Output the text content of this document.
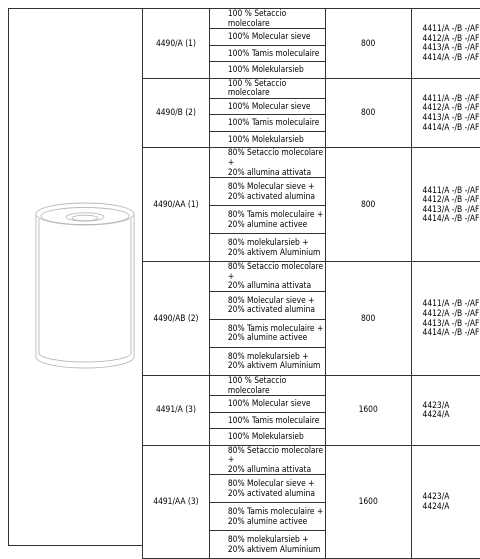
4490/A (1)	100 % Setaccio molecolare	800	4411/A -/B -/AF
4412/A -/B -/AF
4413/A -/B -/AF
4414/A -/B -/AF

	100% Molecular sieve		
	100% Tamis moleculaire		
	100% Molekularsieb		
4490/B (2)	100 % Setaccio molecolare	800	4411/A -/B -/AF
4412/A -/B -/AF
4413/A -/B -/AF
4414/A -/B -/AF

	100% Molecular sieve		
	100% Tamis moleculaire		
	100% Molekularsieb		
4490/AA (1)	80% Setaccio molecolare +
20% allumina attivata	800	4411/A -/B -/AF
4412/A -/B -/AF
4413/A -/B -/AF
4414/A -/B -/AF

	80% Molecular sieve +
20% activated alumina		

	80% Tamis moleculaire +
20% alumine activee		

	80% molekularsieb +
20% aktivem Aluminium		

4490/AB (2)	80% Setaccio molecolare +
20% allumina attivata	800	4411/A -/B -/AF
4412/A -/B -/AF
4413/A -/B -/AF
4414/A -/B -/AF

	80% Molecular sieve +
20% activated alumina		

	80% Tamis moleculaire +
20% alumine activee		

	80% molekularsieb +
20% aktivem Aluminium		

4491/A (3)	100 % Setaccio molecolare	1600	4423/A
4424/A

	100% Molecular sieve		
	100% Tamis moleculaire		
	100% Molekularsieb		
4491/AA (3)	80% Setaccio molecolare +
20% allumina attivata	1600	4423/A
4424/A

	80% Molecular sieve +
20% activated alumina		

	80% Tamis moleculaire +
20% alumine activee		

	80% molekularsieb +
20% aktivem Aluminium		
